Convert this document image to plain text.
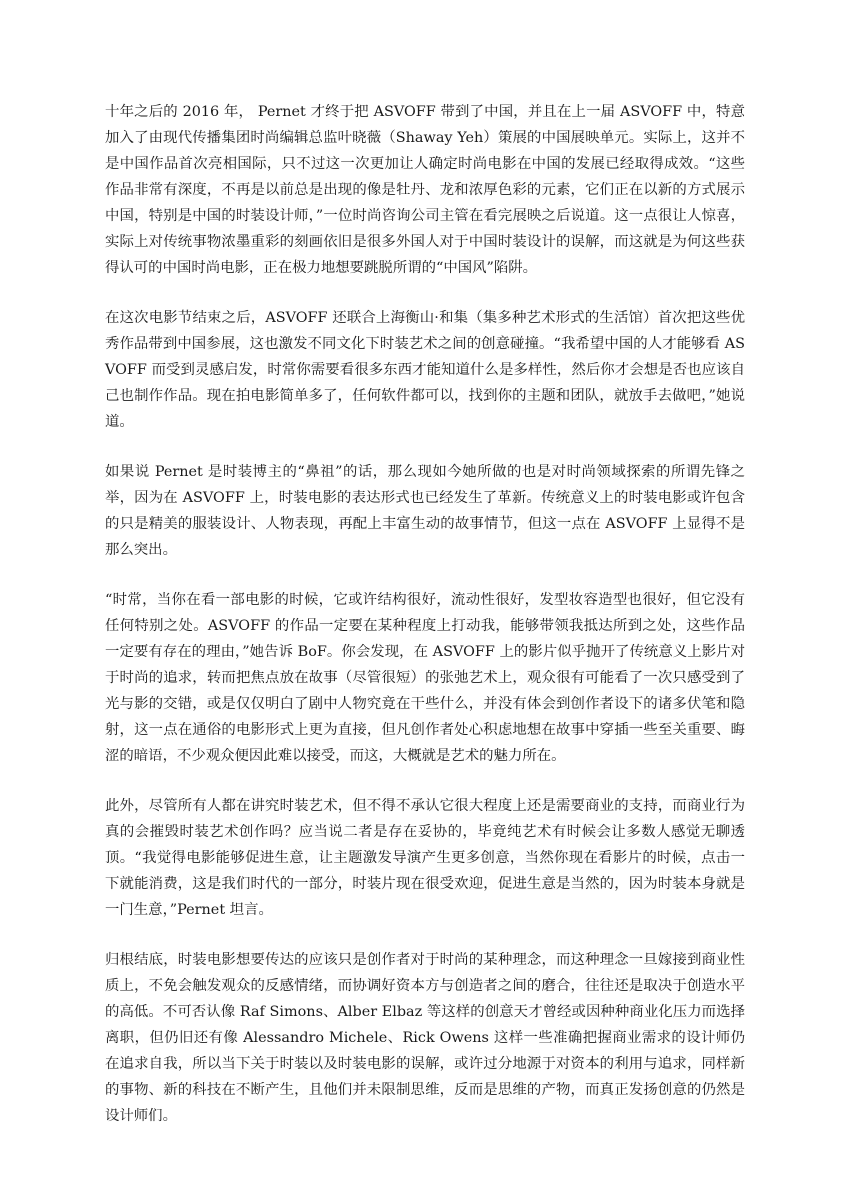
十年之后的 2016 年， Pernet 才终于把 ASVOFF 带到了中国，并且在上一届 ASVOFF 中，特意加入了由现代传播集团时尚编辑总监叶晓薇（Shaway Yeh）策展的中国展映单元。实际上，这并不是中国作品首次亮相国际，只不过这一次更加让人确定时尚电影在中国的发展已经取得成效。“这些作品非常有深度，不再是以前总是出现的像是牡丹、龙和浓厚色彩的元素，它们正在以新的方式展示中国，特别是中国的时装设计师，”一位时尚咨询公司主管在看完展映之后说道。这一点很让人惊喜，实际上对传统事物浓墨重彩的刻画依旧是很多外国人对于中国时装设计的误解，而这就是为何这些获得认可的中国时尚电影，正在极力地想要跳脱所谓的“中国风”陷阱。

在这次电影节结束之后，ASVOFF 还联合上海衡山·和集（集多种艺术形式的生活馆）首次把这些优秀作品带到中国参展，这也激发不同文化下时装艺术之间的创意碰撞。“我希望中国的人才能够看 ASVOFF 而受到灵感启发，时常你需要看很多东西才能知道什么是多样性，然后你才会想是否也应该自己也制作作品。现在拍电影简单多了，任何软件都可以，找到你的主题和团队，就放手去做吧，”她说道。

如果说 Pernet 是时装博主的“鼻祖”的话，那么现如今她所做的也是对时尚领域探索的所谓先锋之举，因为在 ASVOFF 上，时装电影的表达形式也已经发生了革新。传统意义上的时装电影或许包含的只是精美的服装设计、人物表现，再配上丰富生动的故事情节，但这一点在 ASVOFF 上显得不是那么突出。

“时常，当你在看一部电影的时候，它或许结构很好，流动性很好，发型妆容造型也很好，但它没有任何特别之处。ASVOFF 的作品一定要在某种程度上打动我，能够带领我抵达所到之处，这些作品一定要有存在的理由，”她告诉 BoF。你会发现，在 ASVOFF 上的影片似乎抛开了传统意义上影片对于时尚的追求，转而把焦点放在故事（尽管很短）的张弛艺术上，观众很有可能看了一次只感受到了光与影的交错，或是仅仅明白了剧中人物究竟在干些什么，并没有体会到创作者设下的诸多伏笔和隐射，这一点在通俗的电影形式上更为直接，但凡创作者处心积虑地想在故事中穿插一些至关重要、晦涩的暗语，不少观众便因此难以接受，而这，大概就是艺术的魅力所在。

此外，尽管所有人都在讲究时装艺术，但不得不承认它很大程度上还是需要商业的支持，而商业行为真的会摧毁时装艺术创作吗？应当说二者是存在妥协的，毕竟纯艺术有时候会让多数人感觉无聊透顶。“我觉得电影能够促进生意，让主题激发导演产生更多创意，当然你现在看影片的时候，点击一下就能消费，这是我们时代的一部分，时装片现在很受欢迎，促进生意是当然的，因为时装本身就是一门生意，”Pernet 坦言。

归根结底，时装电影想要传达的应该只是创作者对于时尚的某种理念，而这种理念一旦嫁接到商业性质上，不免会触发观众的反感情绪，而协调好资本方与创造者之间的磨合，往往还是取决于创造水平的高低。不可否认像 Raf Simons、Alber Elbaz 等这样的创意天才曾经或因种种商业化压力而选择离职，但仍旧还有像 Alessandro Michele、Rick Owens 这样一些准确把握商业需求的设计师仍在追求自我，所以当下关于时装以及时装电影的误解，或许过分地源于对资本的利用与追求，同样新的事物、新的科技在不断产生，且他们并未限制思维，反而是思维的产物，而真正发扬创意的仍然是设计师们。
